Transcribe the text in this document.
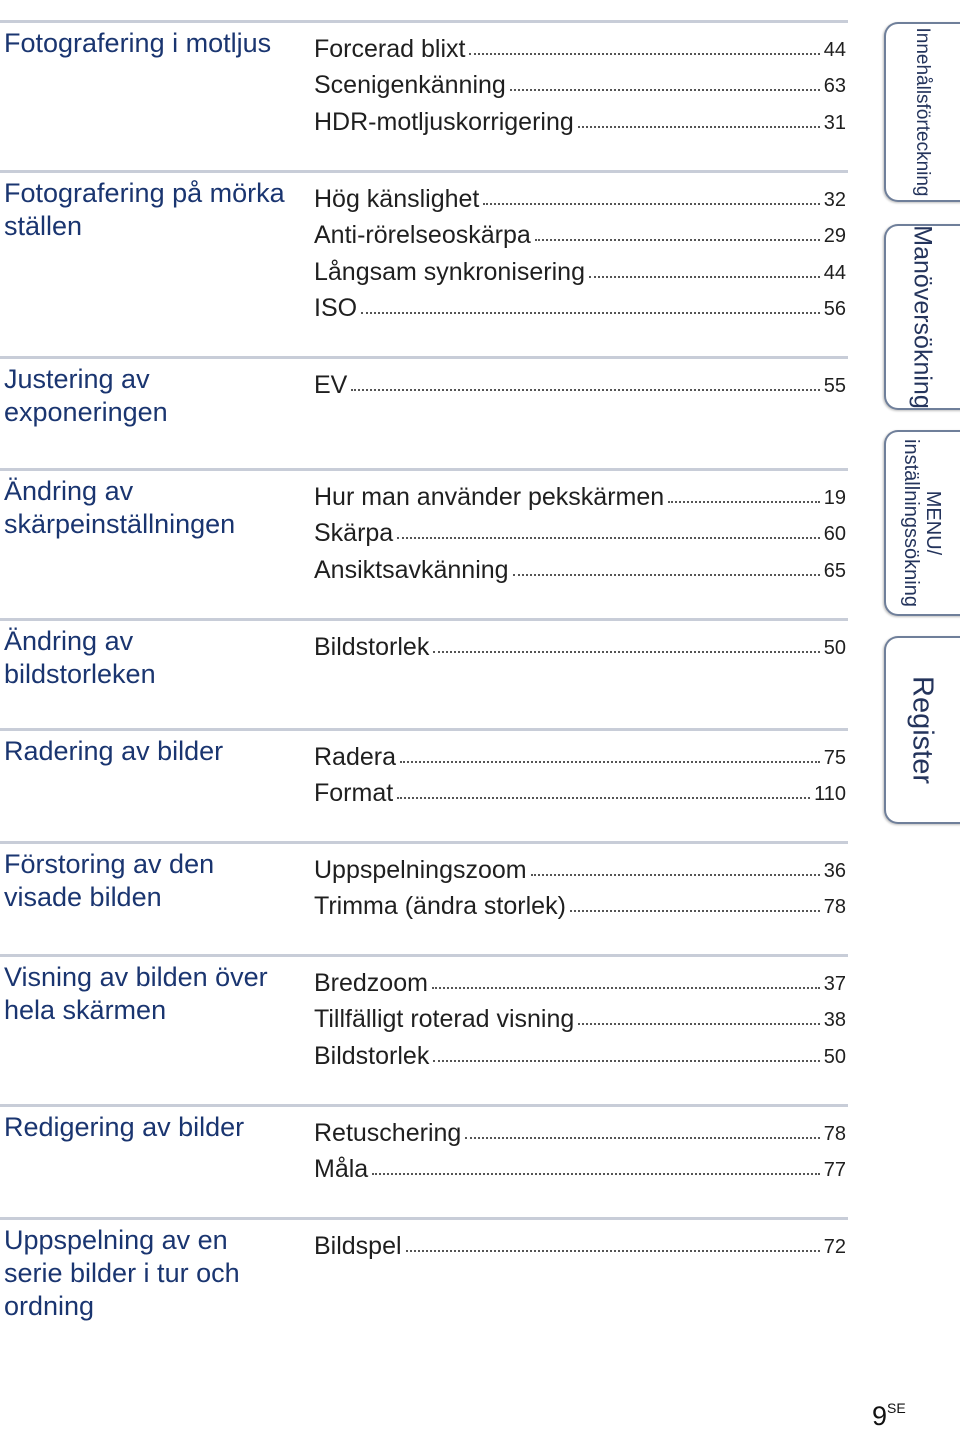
Fotografering i motljus	Forcerad blixt	44
Scenigenkänning	63
HDR-motljuskorrigering	31
Fotografering på mörka
ställen
Hög känslighet	32
Anti-rörelseoskärpa	29
Långsam synkronisering	44
ISO	56
Justering av
exponeringen
EV	55
Ändring av
skärpeinställningen
Hur man använder pekskärmen	19
Skärpa	60
Ansiktsavkänning	65
Ändring av
bildstorleken
Bildstorlek	50
Radering av bilder	Radera	75
Format	110
Förstoring av den
visade bilden
Uppspelningszoom	36
Trimma (ändra storlek)	78
Visning av bilden över
hela skärmen
Bredzoom	37
Tillfälligt roterad visning	38
Bildstorlek	50
Redigering av bilder	Retuschering	78
Måla	77
Uppspelning av en
serie bilder i tur och
ordning
Bildspel	72
Innehållsförteckning
Manöversökning
MENU/
inställningssökning
Register
$9^{SE}$
